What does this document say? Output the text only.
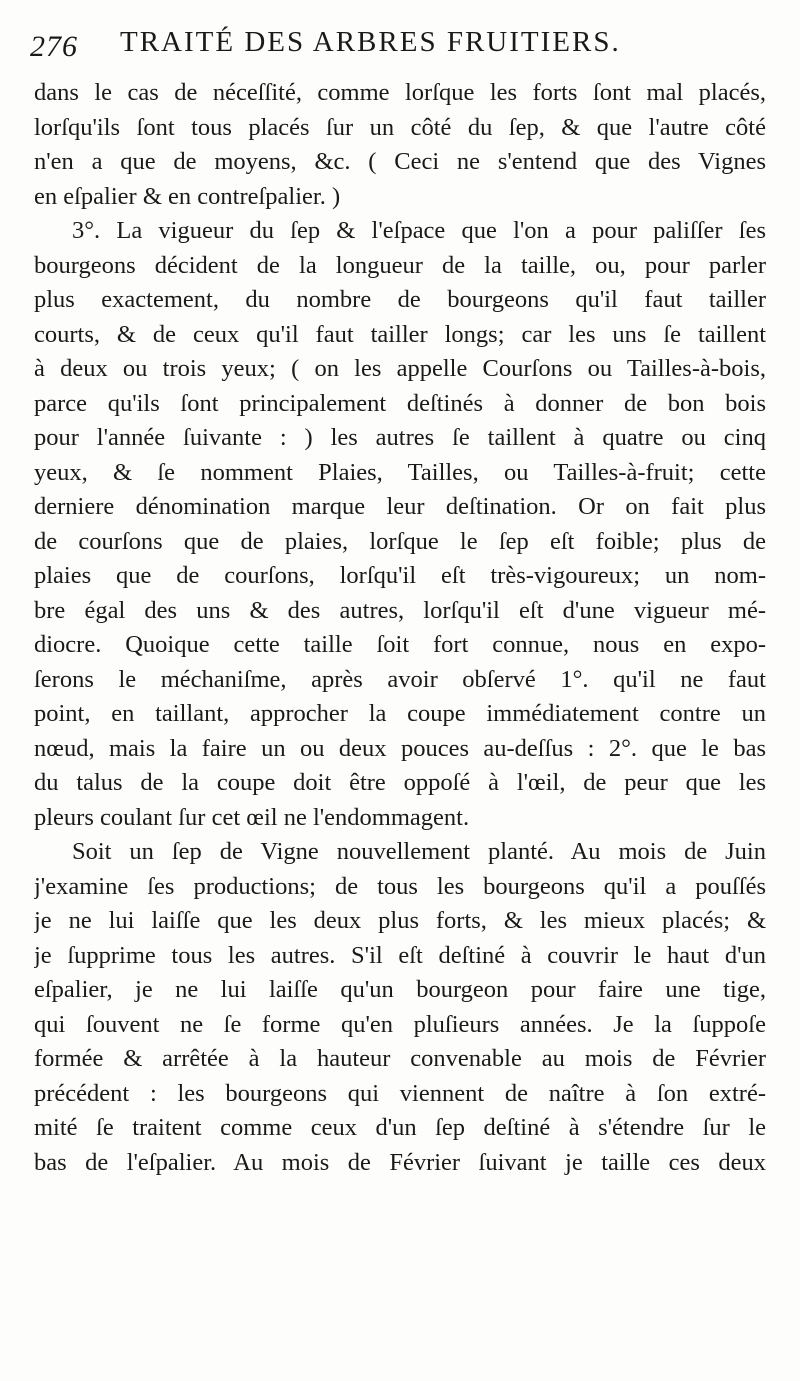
276 TRAITÉ DES ARBRES FRUITIERS.
dans le cas de néceſſité, comme lorſque les forts ſont mal placés,
lorſqu'ils ſont tous placés ſur un côté du ſep, & que l'autre côté
n'en a que de moyens, &c. ( Ceci ne s'entend que des Vignes
en eſpalier & en contreſpalier. )
3°. La vigueur du ſep & l'eſpace que l'on a pour paliſſer ſes
bourgeons décident de la longueur de la taille, ou, pour parler
plus exactement, du nombre de bourgeons qu'il faut tailler
courts, & de ceux qu'il faut tailler longs; car les uns ſe taillent
à deux ou trois yeux; ( on les appelle Courſons ou Tailles-à-bois,
parce qu'ils ſont principalement deſtinés à donner de bon bois
pour l'année ſuivante : ) les autres ſe taillent à quatre ou cinq
yeux, & ſe nomment Plaies, Tailles, ou Tailles-à-fruit; cette
derniere dénomination marque leur deſtination. Or on fait plus
de courſons que de plaies, lorſque le ſep eſt foible; plus de
plaies que de courſons, lorſqu'il eſt très-vigoureux; un nom-
bre égal des uns & des autres, lorſqu'il eſt d'une vigueur mé-
diocre. Quoique cette taille ſoit fort connue, nous en expo-
ſerons le méchaniſme, après avoir obſervé 1°. qu'il ne faut
point, en taillant, approcher la coupe immédiatement contre un
nœud, mais la faire un ou deux pouces au-deſſus : 2°. que le bas
du talus de la coupe doit être oppoſé à l'œil, de peur que les
pleurs coulant ſur cet œil ne l'endommagent.
Soit un ſep de Vigne nouvellement planté. Au mois de Juin
j'examine ſes productions; de tous les bourgeons qu'il a pouſſés
je ne lui laiſſe que les deux plus forts, & les mieux placés; &
je ſupprime tous les autres. S'il eſt deſtiné à couvrir le haut d'un
eſpalier, je ne lui laiſſe qu'un bourgeon pour faire une tige,
qui ſouvent ne ſe forme qu'en pluſieurs années. Je la ſuppoſe
formée & arrêtée à la hauteur convenable au mois de Février
précédent : les bourgeons qui viennent de naître à ſon extré-
mité ſe traitent comme ceux d'un ſep deſtiné à s'étendre ſur le
bas de l'eſpalier. Au mois de Février ſuivant je taille ces deux
